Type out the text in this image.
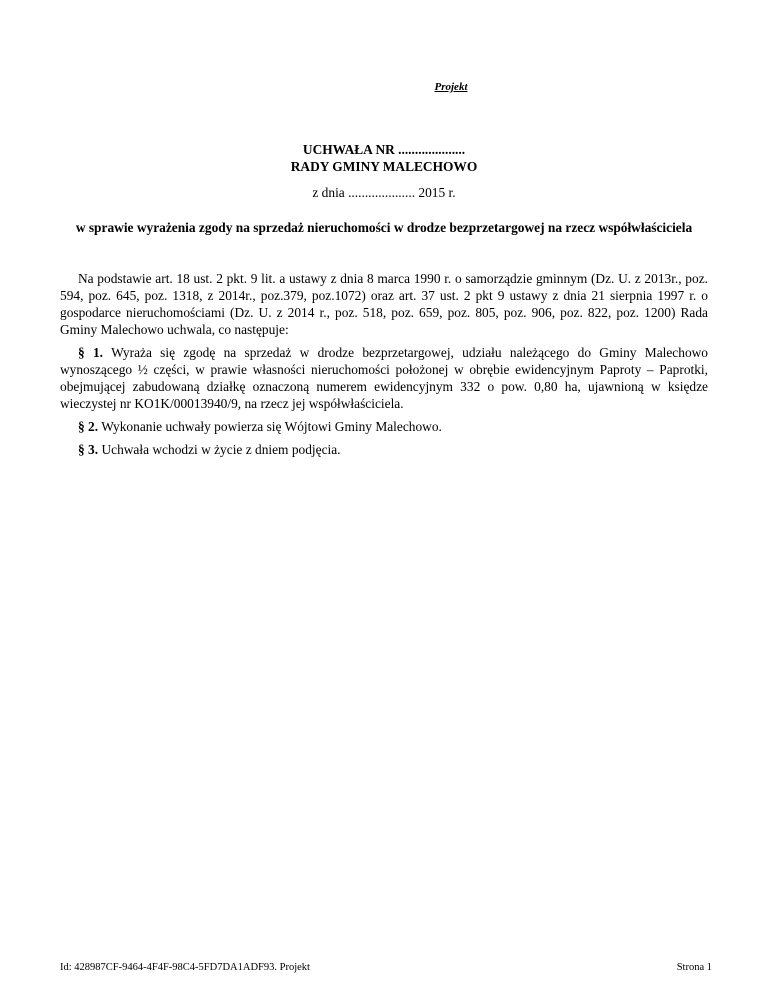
Projekt
UCHWAŁA NR ....................
RADY GMINY MALECHOWO
z dnia .................... 2015 r.
w sprawie wyrażenia zgody na sprzedaż nieruchomości w drodze bezprzetargowej na rzecz współwłaściciela

Na podstawie art. 18 ust. 2 pkt. 9 lit. a ustawy z dnia 8 marca 1990 r. o samorządzie gminnym (Dz. U. z 2013r., poz. 594, poz. 645, poz. 1318, z 2014r., poz.379, poz.1072) oraz art. 37 ust. 2 pkt 9 ustawy z dnia 21 sierpnia 1997 r. o gospodarce nieruchomościami (Dz. U. z 2014 r., poz. 518, poz. 659, poz. 805, poz. 906, poz. 822, poz. 1200) Rada Gminy Malechowo uchwala, co następuje:

§ 1. Wyraża się zgodę na sprzedaż w drodze bezprzetargowej, udziału należącego do Gminy Malechowo wynoszącego ½ części, w prawie własności nieruchomości położonej w obrębie ewidencyjnym Paproty – Paprotki, obejmującej zabudowaną działkę oznaczoną numerem ewidencyjnym 332 o pow. 0,80 ha, ujawnioną w księdze wieczystej nr KO1K/00013940/9, na rzecz jej współwłaściciela.

§ 2. Wykonanie uchwały powierza się Wójtowi Gminy Malechowo.

§ 3. Uchwała wchodzi w życie z dniem podjęcia.

Id: 428987CF-9464-4F4F-98C4-5FD7DA1ADF93. Projekt	Strona 1
